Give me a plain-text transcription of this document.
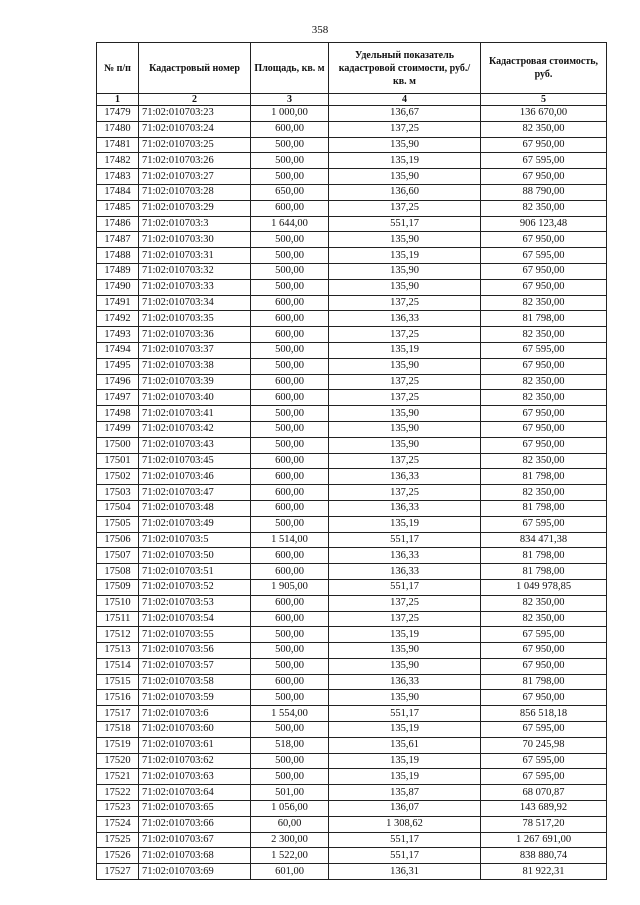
358
№ п/п	Кадастровый номер	Площадь, кв. м	Удельный показатель кадастровой стоимости, руб./кв. м	Кадастровая стоимость, руб.
1	2	3	4	5
17479	71:02:010703:23	1 000,00	136,67	136 670,00
17480	71:02:010703:24	600,00	137,25	82 350,00
17481	71:02:010703:25	500,00	135,90	67 950,00
17482	71:02:010703:26	500,00	135,19	67 595,00
17483	71:02:010703:27	500,00	135,90	67 950,00
17484	71:02:010703:28	650,00	136,60	88 790,00
17485	71:02:010703:29	600,00	137,25	82 350,00
17486	71:02:010703:3	1 644,00	551,17	906 123,48
17487	71:02:010703:30	500,00	135,90	67 950,00
17488	71:02:010703:31	500,00	135,19	67 595,00
17489	71:02:010703:32	500,00	135,90	67 950,00
17490	71:02:010703:33	500,00	135,90	67 950,00
17491	71:02:010703:34	600,00	137,25	82 350,00
17492	71:02:010703:35	600,00	136,33	81 798,00
17493	71:02:010703:36	600,00	137,25	82 350,00
17494	71:02:010703:37	500,00	135,19	67 595,00
17495	71:02:010703:38	500,00	135,90	67 950,00
17496	71:02:010703:39	600,00	137,25	82 350,00
17497	71:02:010703:40	600,00	137,25	82 350,00
17498	71:02:010703:41	500,00	135,90	67 950,00
17499	71:02:010703:42	500,00	135,90	67 950,00
17500	71:02:010703:43	500,00	135,90	67 950,00
17501	71:02:010703:45	600,00	137,25	82 350,00
17502	71:02:010703:46	600,00	136,33	81 798,00
17503	71:02:010703:47	600,00	137,25	82 350,00
17504	71:02:010703:48	600,00	136,33	81 798,00
17505	71:02:010703:49	500,00	135,19	67 595,00
17506	71:02:010703:5	1 514,00	551,17	834 471,38
17507	71:02:010703:50	600,00	136,33	81 798,00
17508	71:02:010703:51	600,00	136,33	81 798,00
17509	71:02:010703:52	1 905,00	551,17	1 049 978,85
17510	71:02:010703:53	600,00	137,25	82 350,00
17511	71:02:010703:54	600,00	137,25	82 350,00
17512	71:02:010703:55	500,00	135,19	67 595,00
17513	71:02:010703:56	500,00	135,90	67 950,00
17514	71:02:010703:57	500,00	135,90	67 950,00
17515	71:02:010703:58	600,00	136,33	81 798,00
17516	71:02:010703:59	500,00	135,90	67 950,00
17517	71:02:010703:6	1 554,00	551,17	856 518,18
17518	71:02:010703:60	500,00	135,19	67 595,00
17519	71:02:010703:61	518,00	135,61	70 245,98
17520	71:02:010703:62	500,00	135,19	67 595,00
17521	71:02:010703:63	500,00	135,19	67 595,00
17522	71:02:010703:64	501,00	135,87	68 070,87
17523	71:02:010703:65	1 056,00	136,07	143 689,92
17524	71:02:010703:66	60,00	1 308,62	78 517,20
17525	71:02:010703:67	2 300,00	551,17	1 267 691,00
17526	71:02:010703:68	1 522,00	551,17	838 880,74
17527	71:02:010703:69	601,00	136,31	81 922,31
